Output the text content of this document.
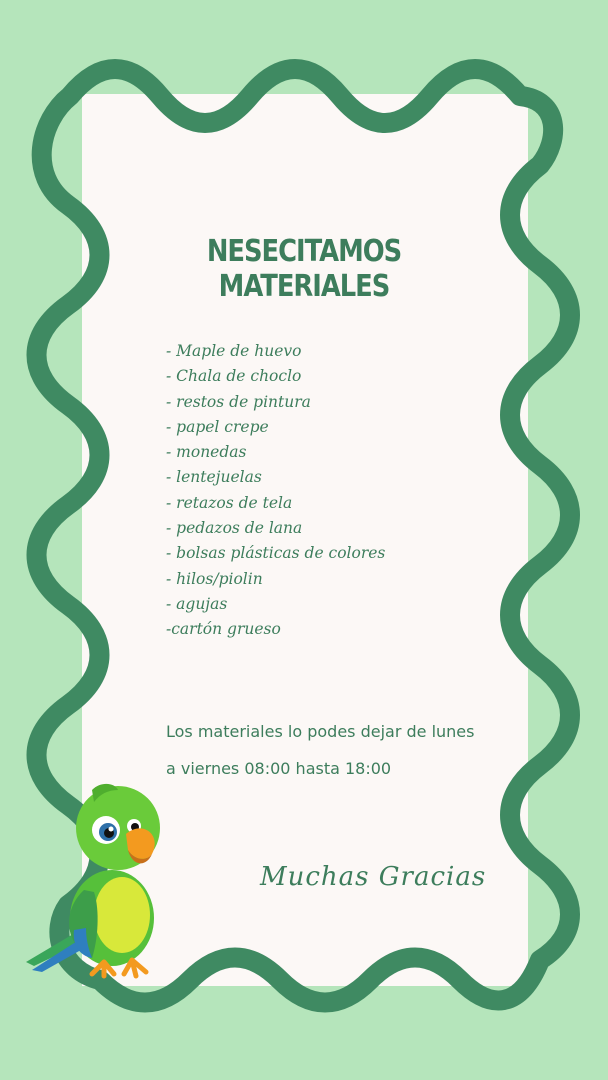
NESECITAMOS MATERIALES
- Maple de huevo
- Chala de choclo
- restos de pintura
- papel crepe
- monedas
- lentejuelas
- retazos de tela
- pedazos de lana
- bolsas plásticas de colores
- hilos/piolin
- agujas
-cartón grueso

Los materiales lo podes dejar de lunes

a viernes 08:00 hasta 18:00

Muchas Gracias
